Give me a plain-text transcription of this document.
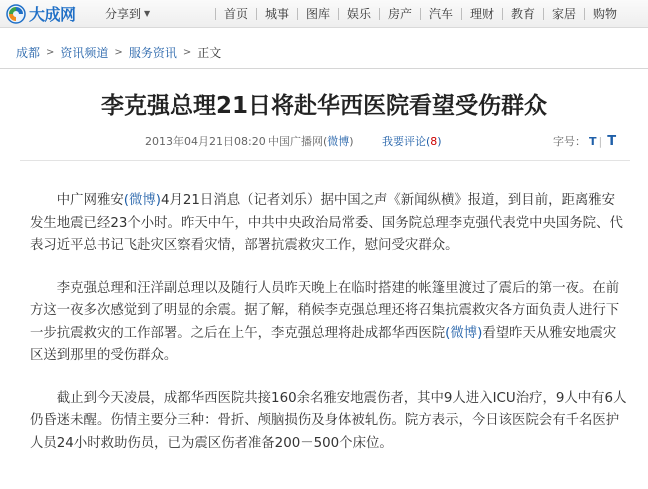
大成网 分享到 ▼	首页	城事	图库	娱乐	房产	汽车	理财	教育	家居	购物
成都 > 资讯频道 > 服务资讯 > 正文
李克强总理21日将赴华西医院看望受伤群众
2013年04月21日08:20 中国广播网(微博)	我要评论(8)	字号： T | T

中广网雅安(微博)4月21日消息（记者刘乐）据中国之声《新闻纵横》报道，到目前，距离雅安发生地震已经23个小时。昨天中午，中共中央政治局常委、国务院总理李克强代表党中央国务院、代表习近平总书记飞赴灾区察看灾情，部署抗震救灾工作，慰问受灾群众。

李克强总理和汪洋副总理以及随行人员昨天晚上在临时搭建的帐篷里渡过了震后的第一夜。在前方这一夜多次感觉到了明显的余震。据了解，稍候李克强总理还将召集抗震救灾各方面负责人进行下一步抗震救灾的工作部署。之后在上午，李克强总理将赴成都华西医院(微博)看望昨天从雅安地震灾区送到那里的受伤群众。

截止到今天凌晨，成都华西医院共接160余名雅安地震伤者，其中9人进入ICU治疗，9人中有6人仍昏迷未醒。伤情主要分三种：骨折、颅脑损伤及身体被轧伤。院方表示，今日该医院会有千名医护人员24小时救助伤员，已为震区伤者准备200－500个床位。
